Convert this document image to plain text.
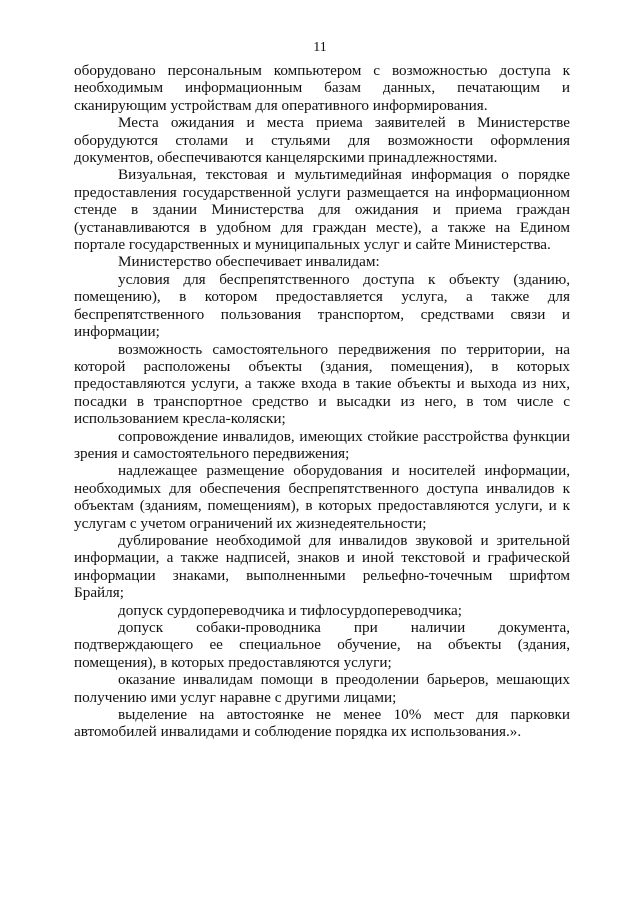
11

оборудовано персональным компьютером с возможностью доступа к необходимым информационным базам данных, печатающим и сканирующим устройствам для оперативного информирования.

Места ожидания и места приема заявителей в Министерстве оборудуются столами и стульями для возможности оформления документов, обеспечиваются канцелярскими принадлежностями.

Визуальная, текстовая и мультимедийная информация о порядке предоставления государственной услуги размещается на информационном стенде в здании Министерства для ожидания и приема граждан (устанавливаются в удобном для граждан месте), а также на Едином портале государственных и муниципальных услуг и сайте Министерства.

Министерство обеспечивает инвалидам:

условия для беспрепятственного доступа к объекту (зданию, помещению), в котором предоставляется услуга, а также для беспрепятственного пользования транспортом, средствами связи и информации;

возможность самостоятельного передвижения по территории, на которой расположены объекты (здания, помещения), в которых предоставляются услуги, а также входа в такие объекты и выхода из них, посадки в транспортное средство и высадки из него, в том числе с использованием кресла-коляски;

сопровождение инвалидов, имеющих стойкие расстройства функции зрения и самостоятельного передвижения;

надлежащее размещение оборудования и носителей информации, необходимых для обеспечения беспрепятственного доступа инвалидов к объектам (зданиям, помещениям), в которых предоставляются услуги, и к услугам с учетом ограничений их жизнедеятельности;

дублирование необходимой для инвалидов звуковой и зрительной информации, а также надписей, знаков и иной текстовой и графической информации знаками, выполненными рельефно-точечным шрифтом Брайля;

допуск сурдопереводчика и тифлосурдопереводчика;

допуск собаки-проводника при наличии документа, подтверждающего ее специальное обучение, на объекты (здания, помещения), в которых предоставляются услуги;

оказание инвалидам помощи в преодолении барьеров, мешающих получению ими услуг наравне с другими лицами;

выделение на автостоянке не менее 10% мест для парковки автомобилей инвалидами и соблюдение порядка их использования.».
